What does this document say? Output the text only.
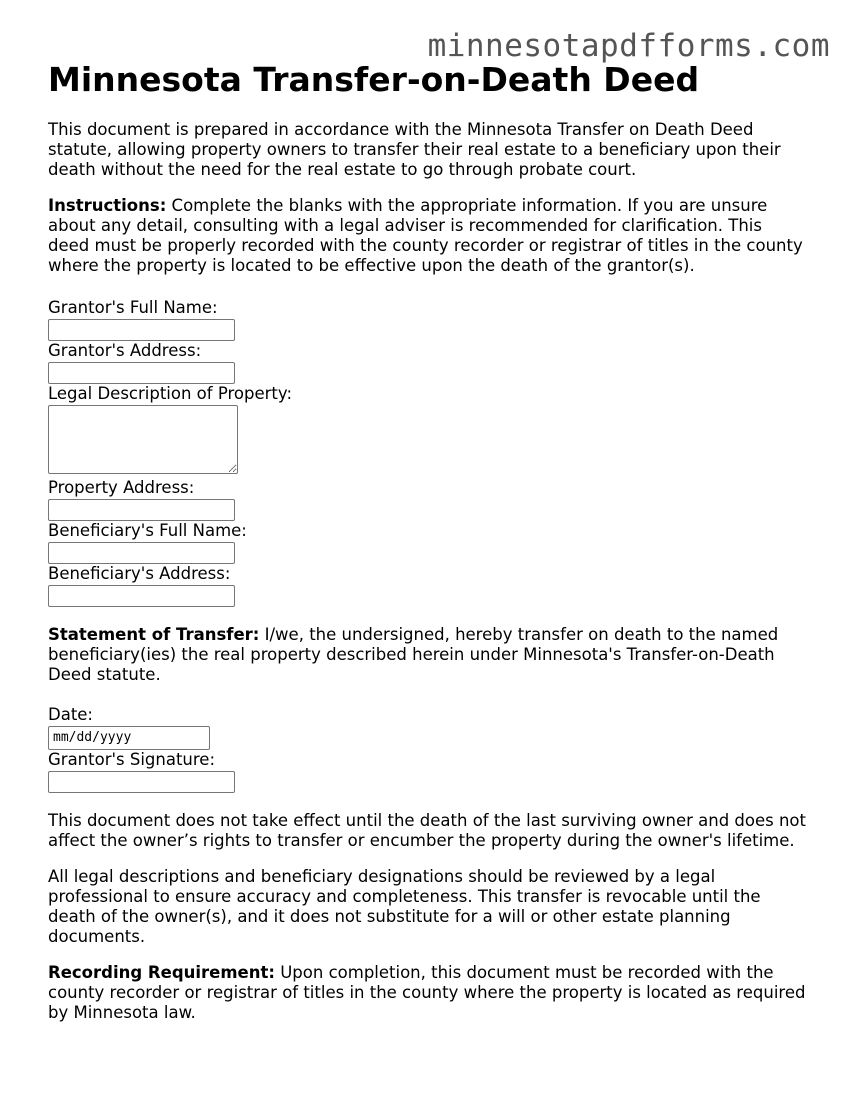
minnesotapdfforms.com
Minnesota Transfer-on-Death Deed

This document is prepared in accordance with the Minnesota Transfer on Death Deed statute, allowing property owners to transfer their real estate to a beneficiary upon their death without the need for the real estate to go through probate court.

Instructions: Complete the blanks with the appropriate information. If you are unsure about any detail, consulting with a legal adviser is recommended for clarification. This deed must be properly recorded with the county recorder or registrar of titles in the county where the property is located to be effective upon the death of the grantor(s).

Grantor's Full Name:
Grantor's Address:
Legal Description of Property:
Property Address:
Beneficiary's Full Name:
Beneficiary's Address:

Statement of Transfer: I/we, the undersigned, hereby transfer on death to the named beneficiary(ies) the real property described herein under Minnesota's Transfer-on-Death Deed statute.

Date:
mm/dd/yyyy
Grantor's Signature:

This document does not take effect until the death of the last surviving owner and does not affect the owner’s rights to transfer or encumber the property during the owner's lifetime.

All legal descriptions and beneficiary designations should be reviewed by a legal professional to ensure accuracy and completeness. This transfer is revocable until the death of the owner(s), and it does not substitute for a will or other estate planning documents.

Recording Requirement: Upon completion, this document must be recorded with the county recorder or registrar of titles in the county where the property is located as required by Minnesota law.
